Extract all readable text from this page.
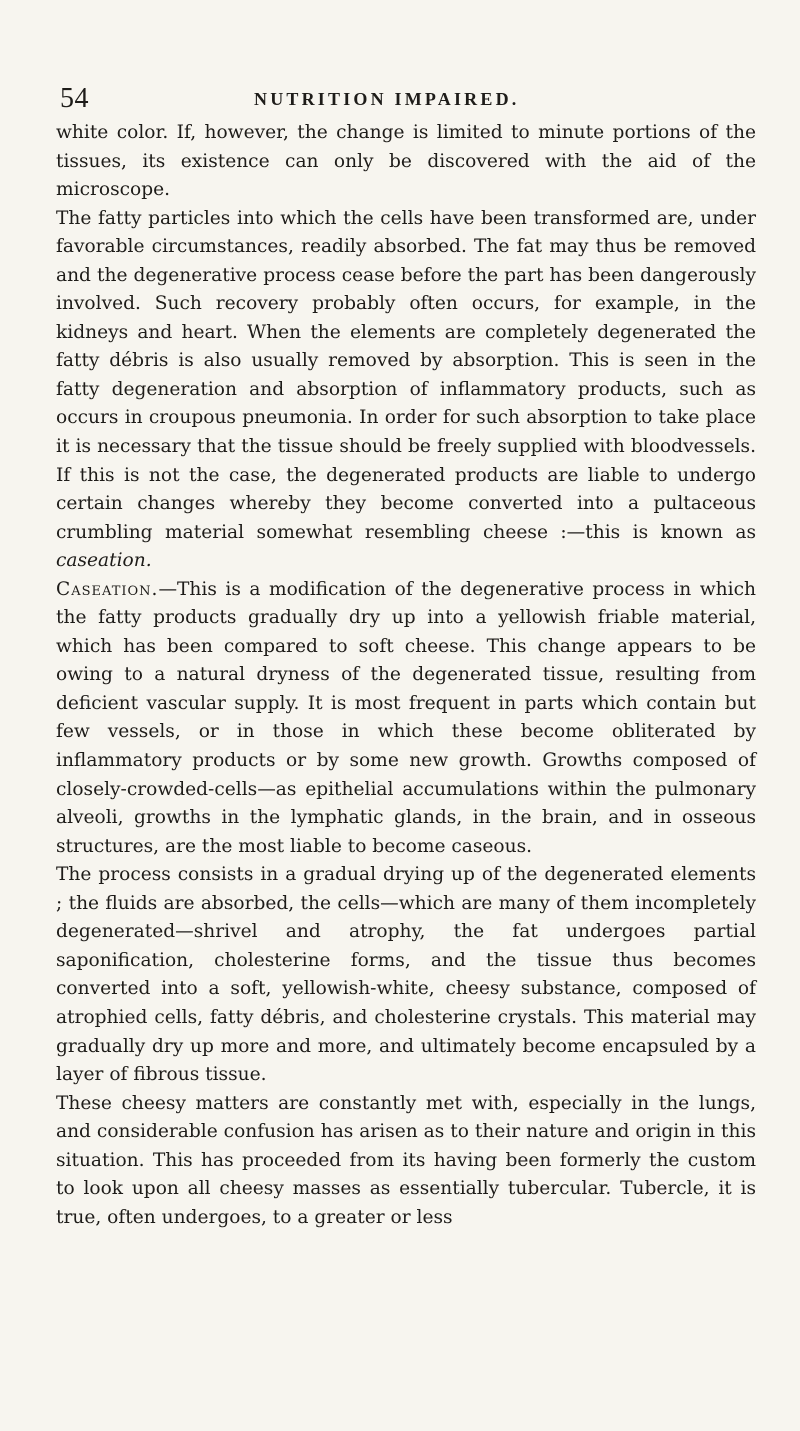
54	NUTRITION IMPAIRED.

white color. If, however, the change is limited to minute portions of the tissues, its existence can only be discovered with the aid of the microscope.

The fatty particles into which the cells have been transformed are, under favorable circumstances, readily absorbed. The fat may thus be removed and the degenerative process cease before the part has been dangerously involved. Such recovery probably often occurs, for example, in the kidneys and heart. When the elements are completely degenerated the fatty débris is also usually removed by absorption. This is seen in the fatty degeneration and absorption of inflammatory products, such as occurs in croupous pneumonia. In order for such absorption to take place it is necessary that the tissue should be freely supplied with bloodvessels. If this is not the case, the degenerated products are liable to undergo certain changes whereby they become converted into a pultaceous crumbling material somewhat resembling cheese :—this is known as caseation.

Caseation.—This is a modification of the degenerative process in which the fatty products gradually dry up into a yellowish friable material, which has been compared to soft cheese. This change appears to be owing to a natural dryness of the degenerated tissue, resulting from deficient vascular supply. It is most frequent in parts which contain but few vessels, or in those in which these become obliterated by inflammatory products or by some new growth. Growths composed of closely-crowded-cells—as epithelial accumulations within the pulmonary alveoli, growths in the lymphatic glands, in the brain, and in osseous structures, are the most liable to become caseous.

The process consists in a gradual drying up of the degenerated elements ; the fluids are absorbed, the cells—which are many of them incompletely degenerated—shrivel and atrophy, the fat undergoes partial saponification, cholesterine forms, and the tissue thus becomes converted into a soft, yellowish-white, cheesy substance, composed of atrophied cells, fatty débris, and cholesterine crystals. This material may gradually dry up more and more, and ultimately become encapsuled by a layer of fibrous tissue.

These cheesy matters are constantly met with, especially in the lungs, and considerable confusion has arisen as to their nature and origin in this situation. This has proceeded from its having been formerly the custom to look upon all cheesy masses as essentially tubercular. Tubercle, it is true, often undergoes, to a greater or less
